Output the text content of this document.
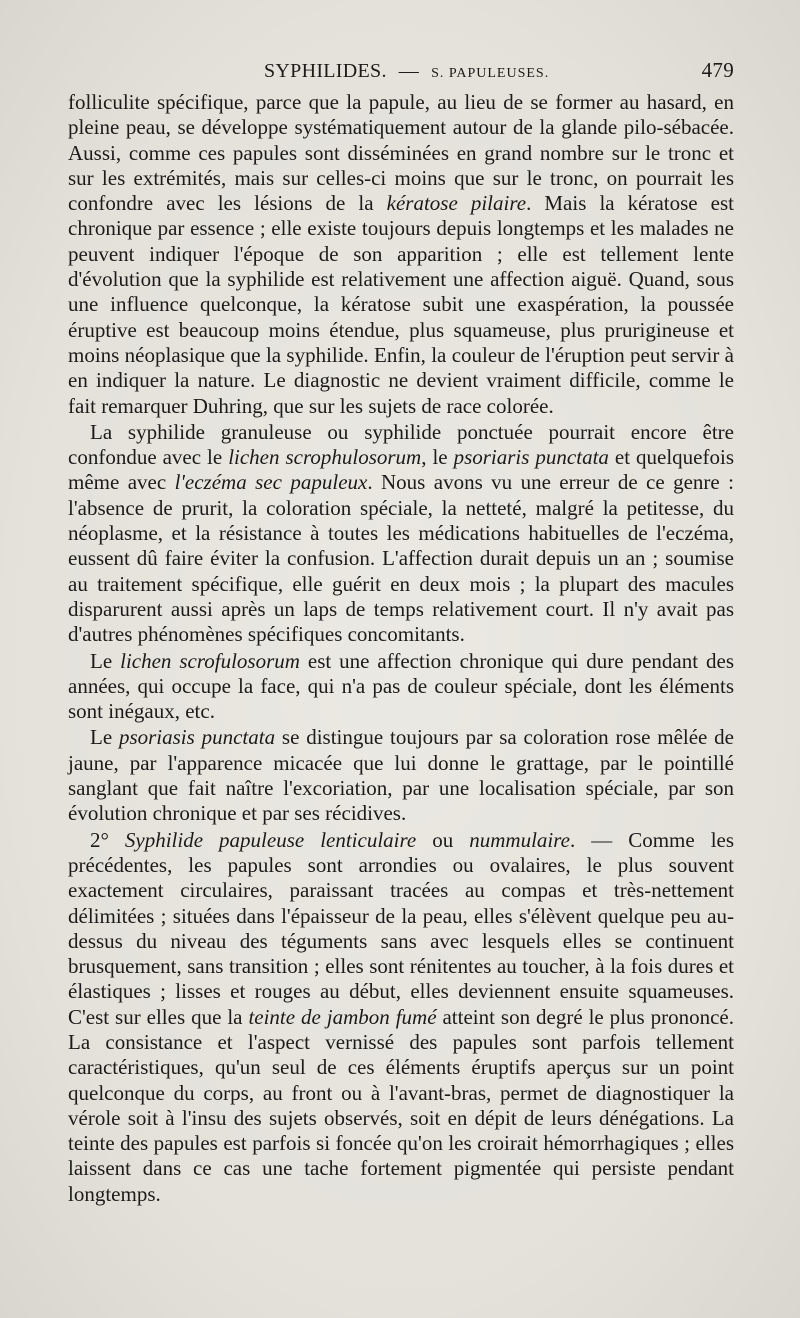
SYPHILIDES. — S. PAPULEUSES.	479

folliculite spécifique, parce que la papule, au lieu de se former au hasard, en pleine peau, se développe systématiquement autour de la glande pilo-sébacée. Aussi, comme ces papules sont disséminées en grand nombre sur le tronc et sur les extrémités, mais sur celles-ci moins que sur le tronc, on pourrait les confondre avec les lésions de la kératose pilaire. Mais la kératose est chronique par essence ; elle existe toujours depuis longtemps et les malades ne peuvent indiquer l'époque de son apparition ; elle est tellement lente d'évolution que la syphilide est relativement une affection aiguë. Quand, sous une influence quelconque, la kératose subit une exaspération, la poussée éruptive est beaucoup moins étendue, plus squameuse, plus prurigineuse et moins néoplasique que la syphilide. Enfin, la couleur de l'éruption peut servir à en indiquer la nature. Le diagnostic ne devient vraiment difficile, comme le fait remarquer Duhring, que sur les sujets de race colorée.

La syphilide granuleuse ou syphilide ponctuée pourrait encore être confondue avec le lichen scrophulosorum, le psoriaris punctata et quelquefois même avec l'eczéma sec papuleux. Nous avons vu une erreur de ce genre : l'absence de prurit, la coloration spéciale, la netteté, malgré la petitesse, du néoplasme, et la résistance à toutes les médications habituelles de l'eczéma, eussent dû faire éviter la confusion. L'affection durait depuis un an ; soumise au traitement spécifique, elle guérit en deux mois ; la plupart des macules disparurent aussi après un laps de temps relativement court. Il n'y avait pas d'autres phénomènes spécifiques concomitants.

Le lichen scrofulosorum est une affection chronique qui dure pendant des années, qui occupe la face, qui n'a pas de couleur spéciale, dont les éléments sont inégaux, etc.

Le psoriasis punctata se distingue toujours par sa coloration rose mêlée de jaune, par l'apparence micacée que lui donne le grattage, par le pointillé sanglant que fait naître l'excoriation, par une localisation spéciale, par son évolution chronique et par ses récidives.

2° Syphilide papuleuse lenticulaire ou nummulaire. — Comme les précédentes, les papules sont arrondies ou ovalaires, le plus souvent exactement circulaires, paraissant tracées au compas et très-nettement délimitées ; situées dans l'épaisseur de la peau, elles s'élèvent quelque peu au-dessus du niveau des téguments sans avec lesquels elles se continuent brusquement, sans transition ; elles sont rénitentes au toucher, à la fois dures et élastiques ; lisses et rouges au début, elles deviennent ensuite squameuses. C'est sur elles que la teinte de jambon fumé atteint son degré le plus prononcé. La consistance et l'aspect vernissé des papules sont parfois tellement caractéristiques, qu'un seul de ces éléments éruptifs aperçus sur un point quelconque du corps, au front ou à l'avant-bras, permet de diagnostiquer la vérole soit à l'insu des sujets observés, soit en dépit de leurs dénégations. La teinte des papules est parfois si foncée qu'on les croirait hémorrhagiques ; elles laissent dans ce cas une tache fortement pigmentée qui persiste pendant longtemps.
